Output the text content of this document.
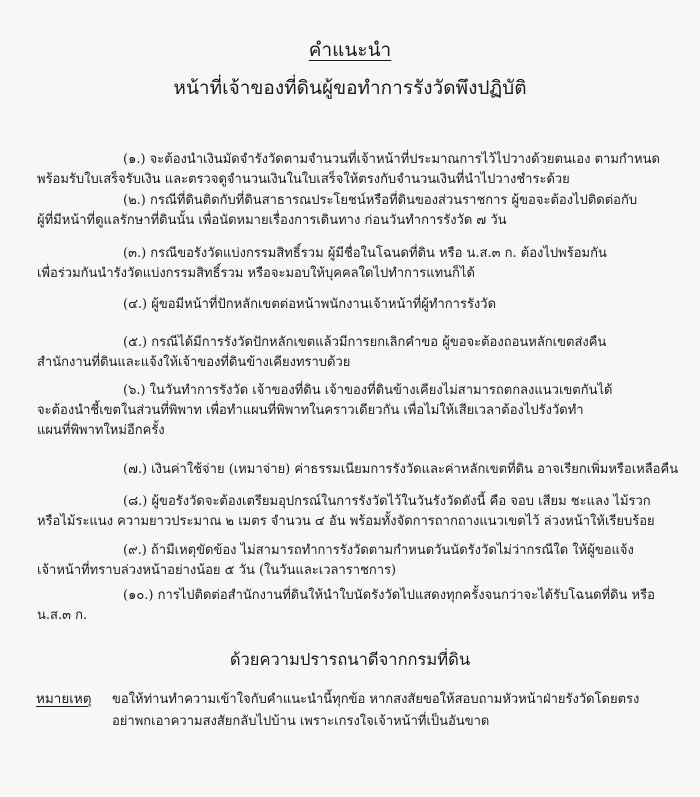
คำแนะนำ
หน้าที่เจ้าของที่ดินผู้ขอทำการรังวัดพึงปฏิบัติ
(๑.) จะต้องนำเงินมัดจำรังวัดตามจำนวนที่เจ้าหน้าที่ประมาณการไว้ไปวางด้วยตนเอง ตามกำหนด
พร้อมรับใบเสร็จรับเงิน และตรวจดูจำนวนเงินในใบเสร็จให้ตรงกับจำนวนเงินที่นำไปวางชำระด้วย
(๒.) กรณีที่ดินติดกับที่ดินสาธารณประโยชน์หรือที่ดินของส่วนราชการ ผู้ขอจะต้องไปติดต่อกับ
ผู้ที่มีหน้าที่ดูแลรักษาที่ดินนั้น เพื่อนัดหมายเรื่องการเดินทาง ก่อนวันทำการรังวัด ๗ วัน
(๓.) กรณีขอรังวัดแบ่งกรรมสิทธิ์รวม ผู้มีชื่อในโฉนดที่ดิน หรือ น.ส.๓ ก. ต้องไปพร้อมกัน
เพื่อร่วมกันนำรังวัดแบ่งกรรมสิทธิ์รวม หรือจะมอบให้บุคคลใดไปทำการแทนก็ได้
(๔.) ผู้ขอมีหน้าที่ปักหลักเขตต่อหน้าพนักงานเจ้าหน้าที่ผู้ทำการรังวัด
(๕.) กรณีได้มีการรังวัดปักหลักเขตแล้วมีการยกเลิกคำขอ ผู้ขอจะต้องถอนหลักเขตส่งคืน
สำนักงานที่ดินและแจ้งให้เจ้าของที่ดินข้างเคียงทราบด้วย
(๖.) ในวันทำการรังวัด เจ้าของที่ดิน เจ้าของที่ดินข้างเคียงไม่สามารถตกลงแนวเขตกันได้
จะต้องนำชี้เขตในส่วนที่พิพาท เพื่อทำแผนที่พิพาทในคราวเดียวกัน เพื่อไม่ให้เสียเวลาต้องไปรังวัดทำ
แผนที่พิพาทใหม่อีกครั้ง
(๗.) เงินค่าใช้จ่าย (เหมาจ่าย) ค่าธรรมเนียมการรังวัดและค่าหลักเขตที่ดิน อาจเรียกเพิ่มหรือเหลือคืน
(๘.) ผู้ขอรังวัดจะต้องเตรียมอุปกรณ์ในการรังวัดไว้ในวันรังวัดดังนี้ คือ จอบ เสียม ชะแลง ไม้รวก
หรือไม้ระแนง ความยาวประมาณ ๒ เมตร จำนวน ๔ อัน พร้อมทั้งจัดการถากถางแนวเขตไว้ ล่วงหน้าให้เรียบร้อย
(๙.) ถ้ามีเหตุขัดข้อง ไม่สามารถทำการรังวัดตามกำหนดวันนัดรังวัดไม่ว่ากรณีใด ให้ผู้ขอแจ้ง
เจ้าหน้าที่ทราบล่วงหน้าอย่างน้อย ๕ วัน (ในวันและเวลาราชการ)
(๑๐.) การไปติดต่อสำนักงานที่ดินให้นำใบนัดรังวัดไปแสดงทุกครั้งจนกว่าจะได้รับโฉนดที่ดิน หรือ
น.ส.๓ ก.
ด้วยความปรารถนาดีจากกรมที่ดิน
หมายเหตุ ขอให้ท่านทำความเข้าใจกับคำแนะนำนี้ทุกข้อ หากสงสัยขอให้สอบถามหัวหน้าฝ่ายรังวัดโดยตรง
อย่าพกเอาความสงสัยกลับไปบ้าน เพราะเกรงใจเจ้าหน้าที่เป็นอันขาด
